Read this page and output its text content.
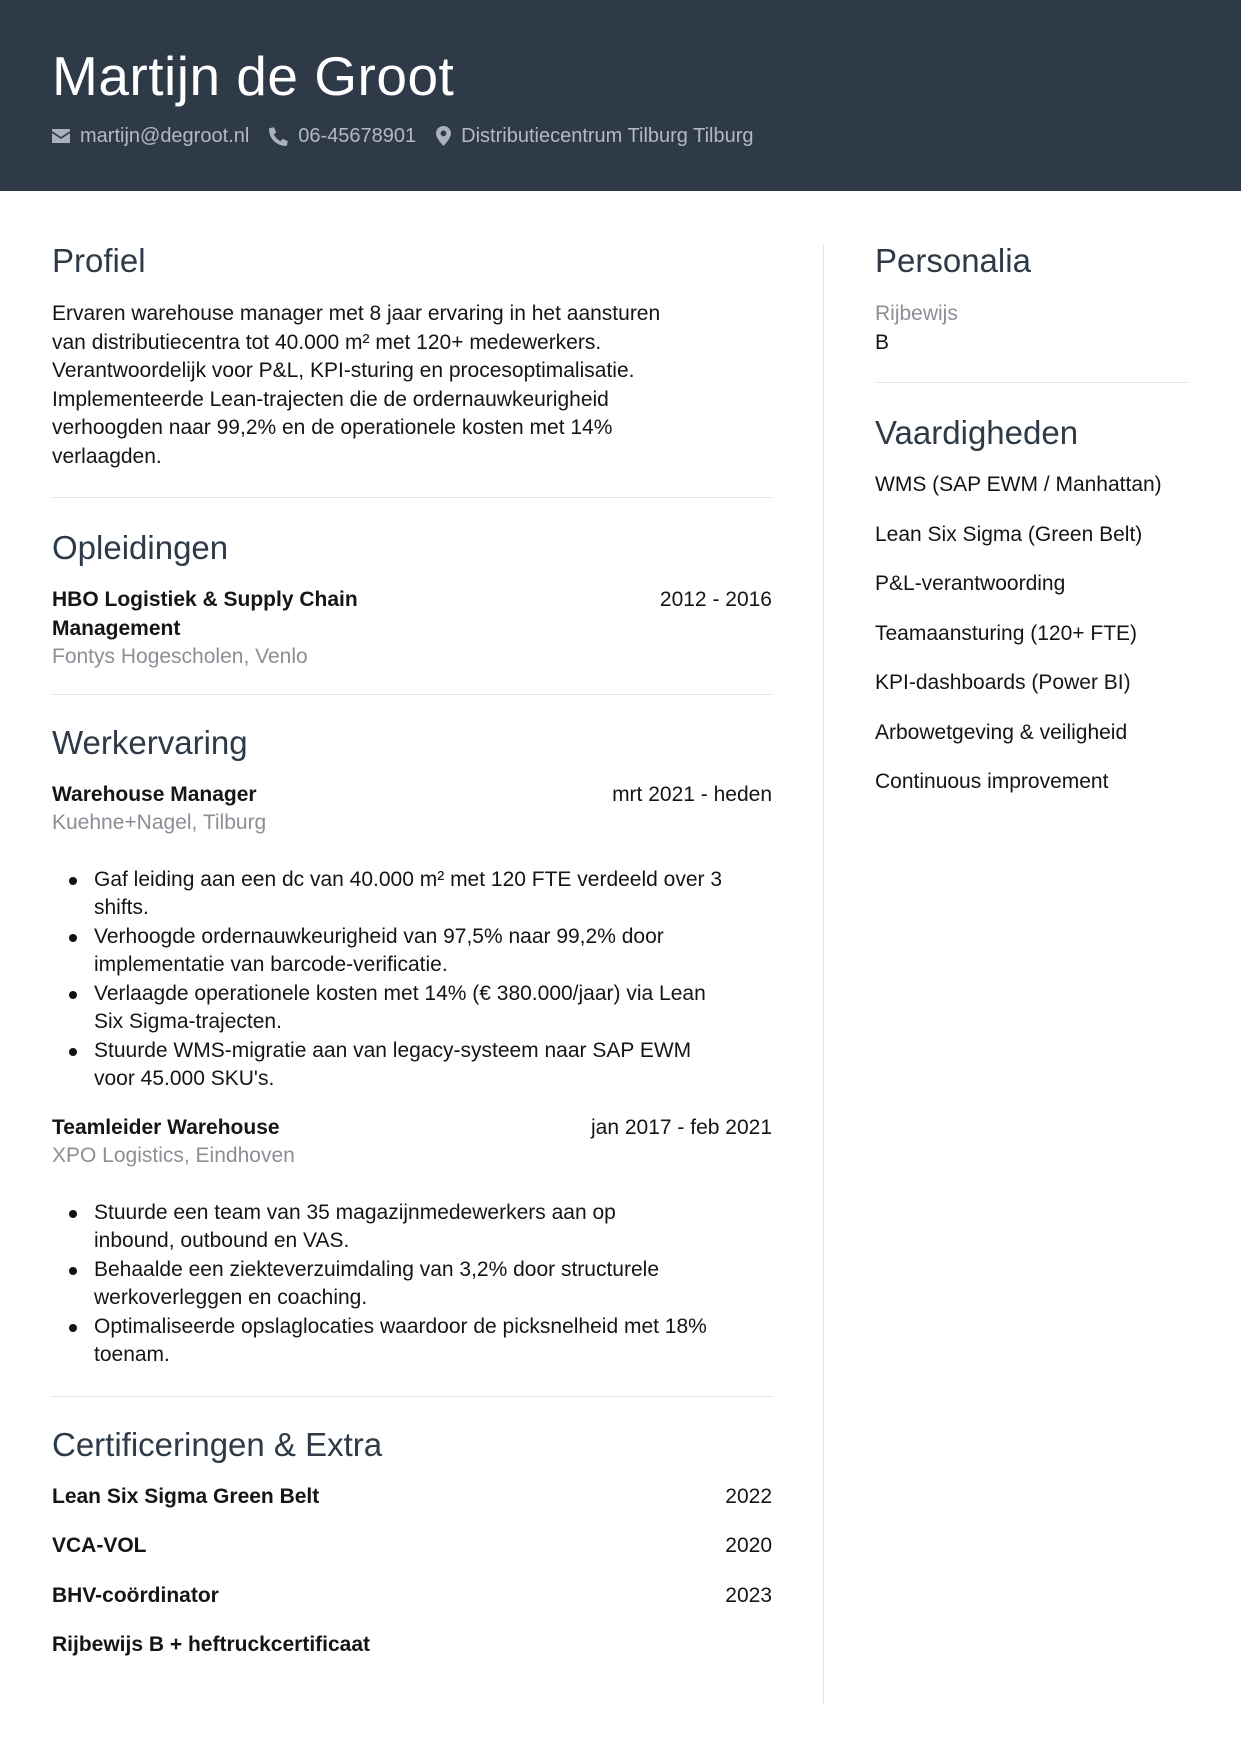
Martijn de Groot
martijn@degroot.nl 06-45678901 Distributiecentrum Tilburg Tilburg
Profiel
Ervaren warehouse manager met 8 jaar ervaring in het aansturen
van distributiecentra tot 40.000 m² met 120+ medewerkers.
Verantwoordelijk voor P&L, KPI-sturing en procesoptimalisatie.
Implementeerde Lean-trajecten die de ordernauwkeurigheid
verhoogden naar 99,2% en de operationele kosten met 14%
verlaagden.
Opleidingen
HBO Logistiek & Supply Chain
Management
2012 - 2016
Fontys Hogescholen, Venlo
Werkervaring
Warehouse Manager	mrt 2021 - heden
Kuehne+Nagel, Tilburg
Gaf leiding aan een dc van 40.000 m² met 120 FTE verdeeld over 3
shifts.
Verhoogde ordernauwkeurigheid van 97,5% naar 99,2% door
implementatie van barcode-verificatie.
Verlaagde operationele kosten met 14% (€ 380.000/jaar) via Lean
Six Sigma-trajecten.
Stuurde WMS-migratie aan van legacy-systeem naar SAP EWM
voor 45.000 SKU's.
Teamleider Warehouse	jan 2017 - feb 2021
XPO Logistics, Eindhoven
Stuurde een team van 35 magazijnmedewerkers aan op
inbound, outbound en VAS.
Behaalde een ziekteverzuimdaling van 3,2% door structurele
werkoverleggen en coaching.
Optimaliseerde opslaglocaties waardoor de picksnelheid met 18%
toenam.
Certificeringen & Extra
Lean Six Sigma Green Belt	2022
VCA-VOL	2020
BHV-coördinator	2023
Rijbewijs B + heftruckcertificaat
Personalia
Rijbewijs
B
Vaardigheden
WMS (SAP EWM / Manhattan)
Lean Six Sigma (Green Belt)
P&L-verantwoording
Teamaansturing (120+ FTE)
KPI-dashboards (Power BI)
Arbowetgeving & veiligheid
Continuous improvement
